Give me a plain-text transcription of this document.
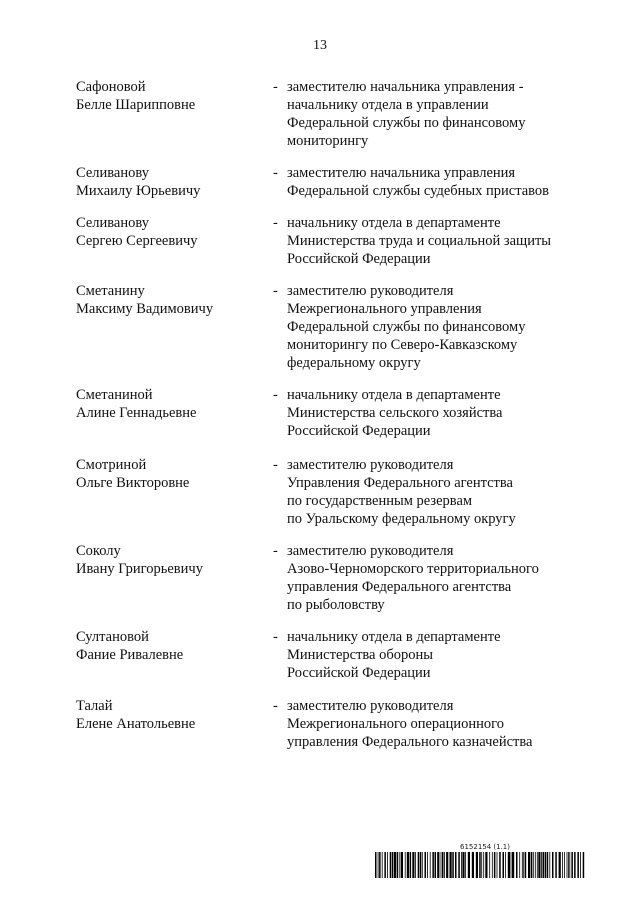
13
Сафоновой
Белле Шарипповне
- заместителю начальника управления -
начальнику отдела в управлении
Федеральной службы по финансовому
мониторингу
Селиванову
Михаилу Юрьевичу
- заместителю начальника управления
Федеральной службы судебных приставов
Селиванову
Сергею Сергеевичу
- начальнику отдела в департаменте
Министерства труда и социальной защиты
Российской Федерации
Сметанину
Максиму Вадимовичу
- заместителю руководителя
Межрегионального управления
Федеральной службы по финансовому
мониторингу по Северо-Кавказскому
федеральному округу
Сметаниной
Алине Геннадьевне
- начальнику отдела в департаменте
Министерства сельского хозяйства
Российской Федерации
Смотриной
Ольге Викторовне
- заместителю руководителя
Управления Федерального агентства
по государственным резервам
по Уральскому федеральному округу
Соколу
Ивану Григорьевичу
- заместителю руководителя
Азово-Черноморского территориального
управления Федерального агентства
по рыболовству
Султановой
Фание Ривалевне
- начальнику отдела в департаменте
Министерства обороны
Российской Федерации
Талай
Елене Анатольевне
- заместителю руководителя
Межрегионального операционного
управления Федерального казначейства
6152154 (1.1)
